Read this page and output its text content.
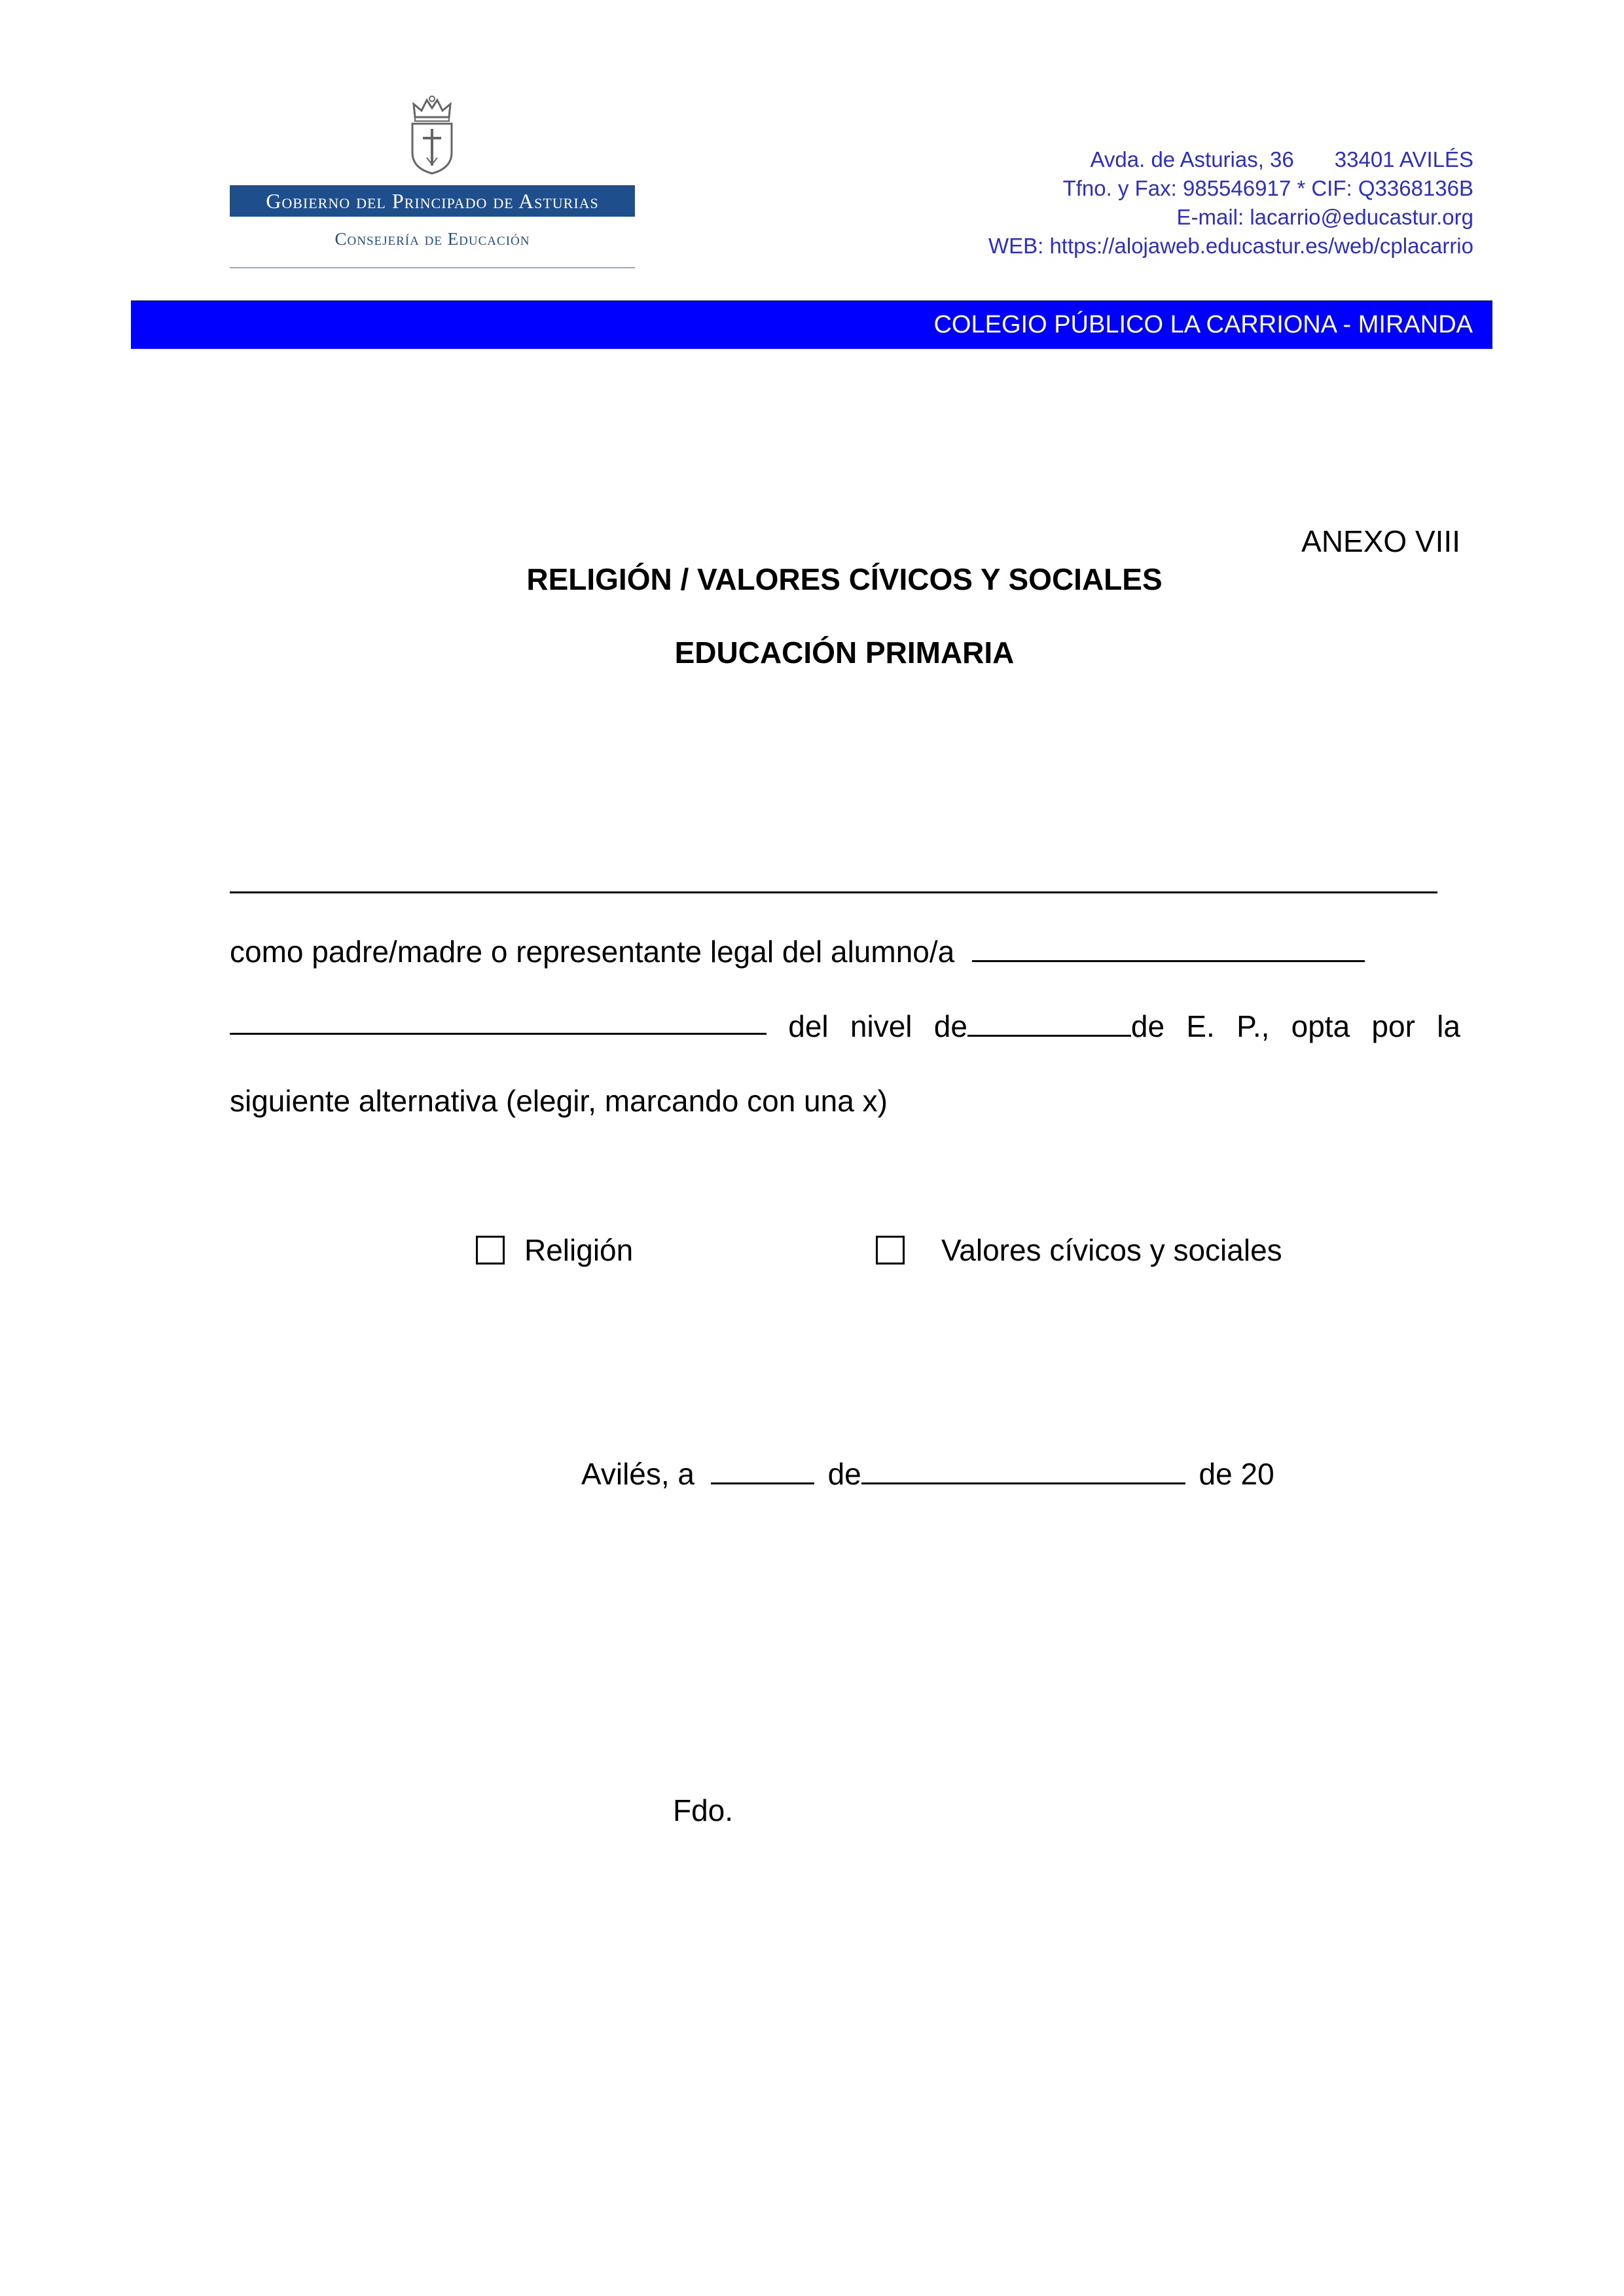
Gobierno del Principado de Asturias
Consejería de Educación
Avda. de Asturias, 36 33401 AVILÉS
Tfno. y Fax: 985546917 * CIF: Q3368136B
E-mail: lacarrio@educastur.org
WEB: https://alojaweb.educastur.es/web/cplacarrio
COLEGIO PÚBLICO LA CARRIONA - MIRANDA
ANEXO VIII
RELIGIÓN / VALORES CÍVICOS Y SOCIALES
EDUCACIÓN PRIMARIA
como padre/madre o representante legal del alumno/a
del nivel de	de E. P., opta por la
siguiente alternativa (elegir, marcando con una x)
Religión	Valores cívicos y sociales
Avilés, a	de	de 20
Fdo.
